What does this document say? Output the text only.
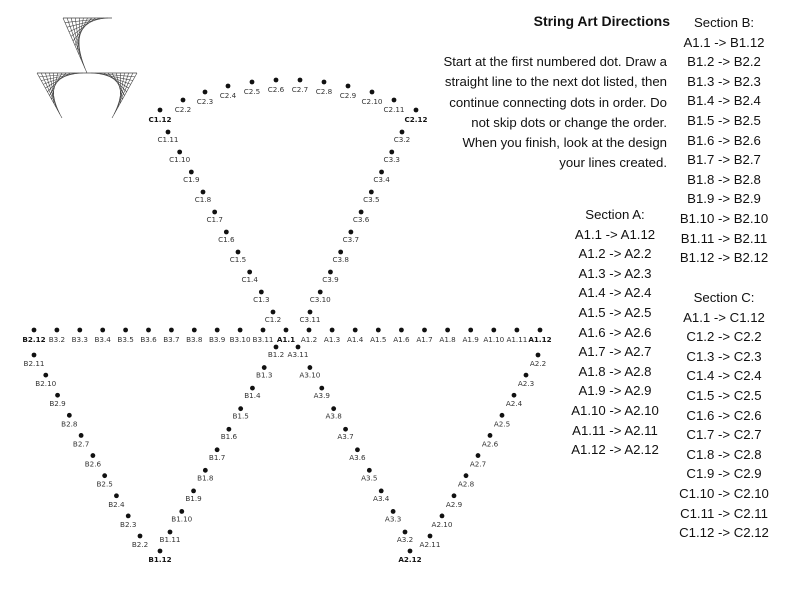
C1.12
C2.2
C2.3
C2.4 C2.5 C2.6 C2.7 C2.8 C2.9
C2.10
C2.11
C2.12
C1.11
C1.10
C1.9
C1.8
C1.7
C1.6
C1.5
C1.4
C1.3
C1.2
C3.2
C3.3
C3.4
C3.5
C3.6
C3.7
C3.8
C3.9
C3.10
C3.11
B2.12 B3.2 B3.3 B3.4 B3.5 B3.6 B3.7 B3.8 B3.9 B3.10 B3.11 A1.1 A1.2 A1.3 A1.4 A1.5 A1.6 A1.7 A1.8 A1.9 A1.10 A1.11 A1.12
B1.2
B1.3
B1.4
B1.5
B1.6
B1.7
B1.8
B1.9
B1.10
B1.11
A3.11
A3.10
A3.9
A3.8
A3.7
A3.6
A3.5
A3.4
A3.3
A3.2
B2.11
B2.10
B2.9
B2.8
B2.7
B2.6
B2.5
B2.4
B2.3
B2.2
B1.12
A2.2
A2.3
A2.4
A2.5
A2.6
A2.7
A2.8
A2.9
A2.10
A2.11
A2.12
String Art Directions
Start at the first numbered dot. Draw a straight line to the next dot listed, then continue connecting dots in order. Do not skip dots or change the order. When you finish, look at the design your lines created.
Section A:
A1.1 -> A1.12
A1.2 -> A2.2
A1.3 -> A2.3
A1.4 -> A2.4
A1.5 -> A2.5
A1.6 -> A2.6
A1.7 -> A2.7
A1.8 -> A2.8
A1.9 -> A2.9
A1.10 -> A2.10
A1.11 -> A2.11
A1.12 -> A2.12
Section B:
A1.1 -> B1.12
B1.2 -> B2.2
B1.3 -> B2.3
B1.4 -> B2.4
B1.5 -> B2.5
B1.6 -> B2.6
B1.7 -> B2.7
B1.8 -> B2.8
B1.9 -> B2.9
B1.10 -> B2.10
B1.11 -> B2.11
B1.12 -> B2.12
Section C:
A1.1 -> C1.12
C1.2 -> C2.2
C1.3 -> C2.3
C1.4 -> C2.4
C1.5 -> C2.5
C1.6 -> C2.6
C1.7 -> C2.7
C1.8 -> C2.8
C1.9 -> C2.9
C1.10 -> C2.10
C1.11 -> C2.11
C1.12 -> C2.12
